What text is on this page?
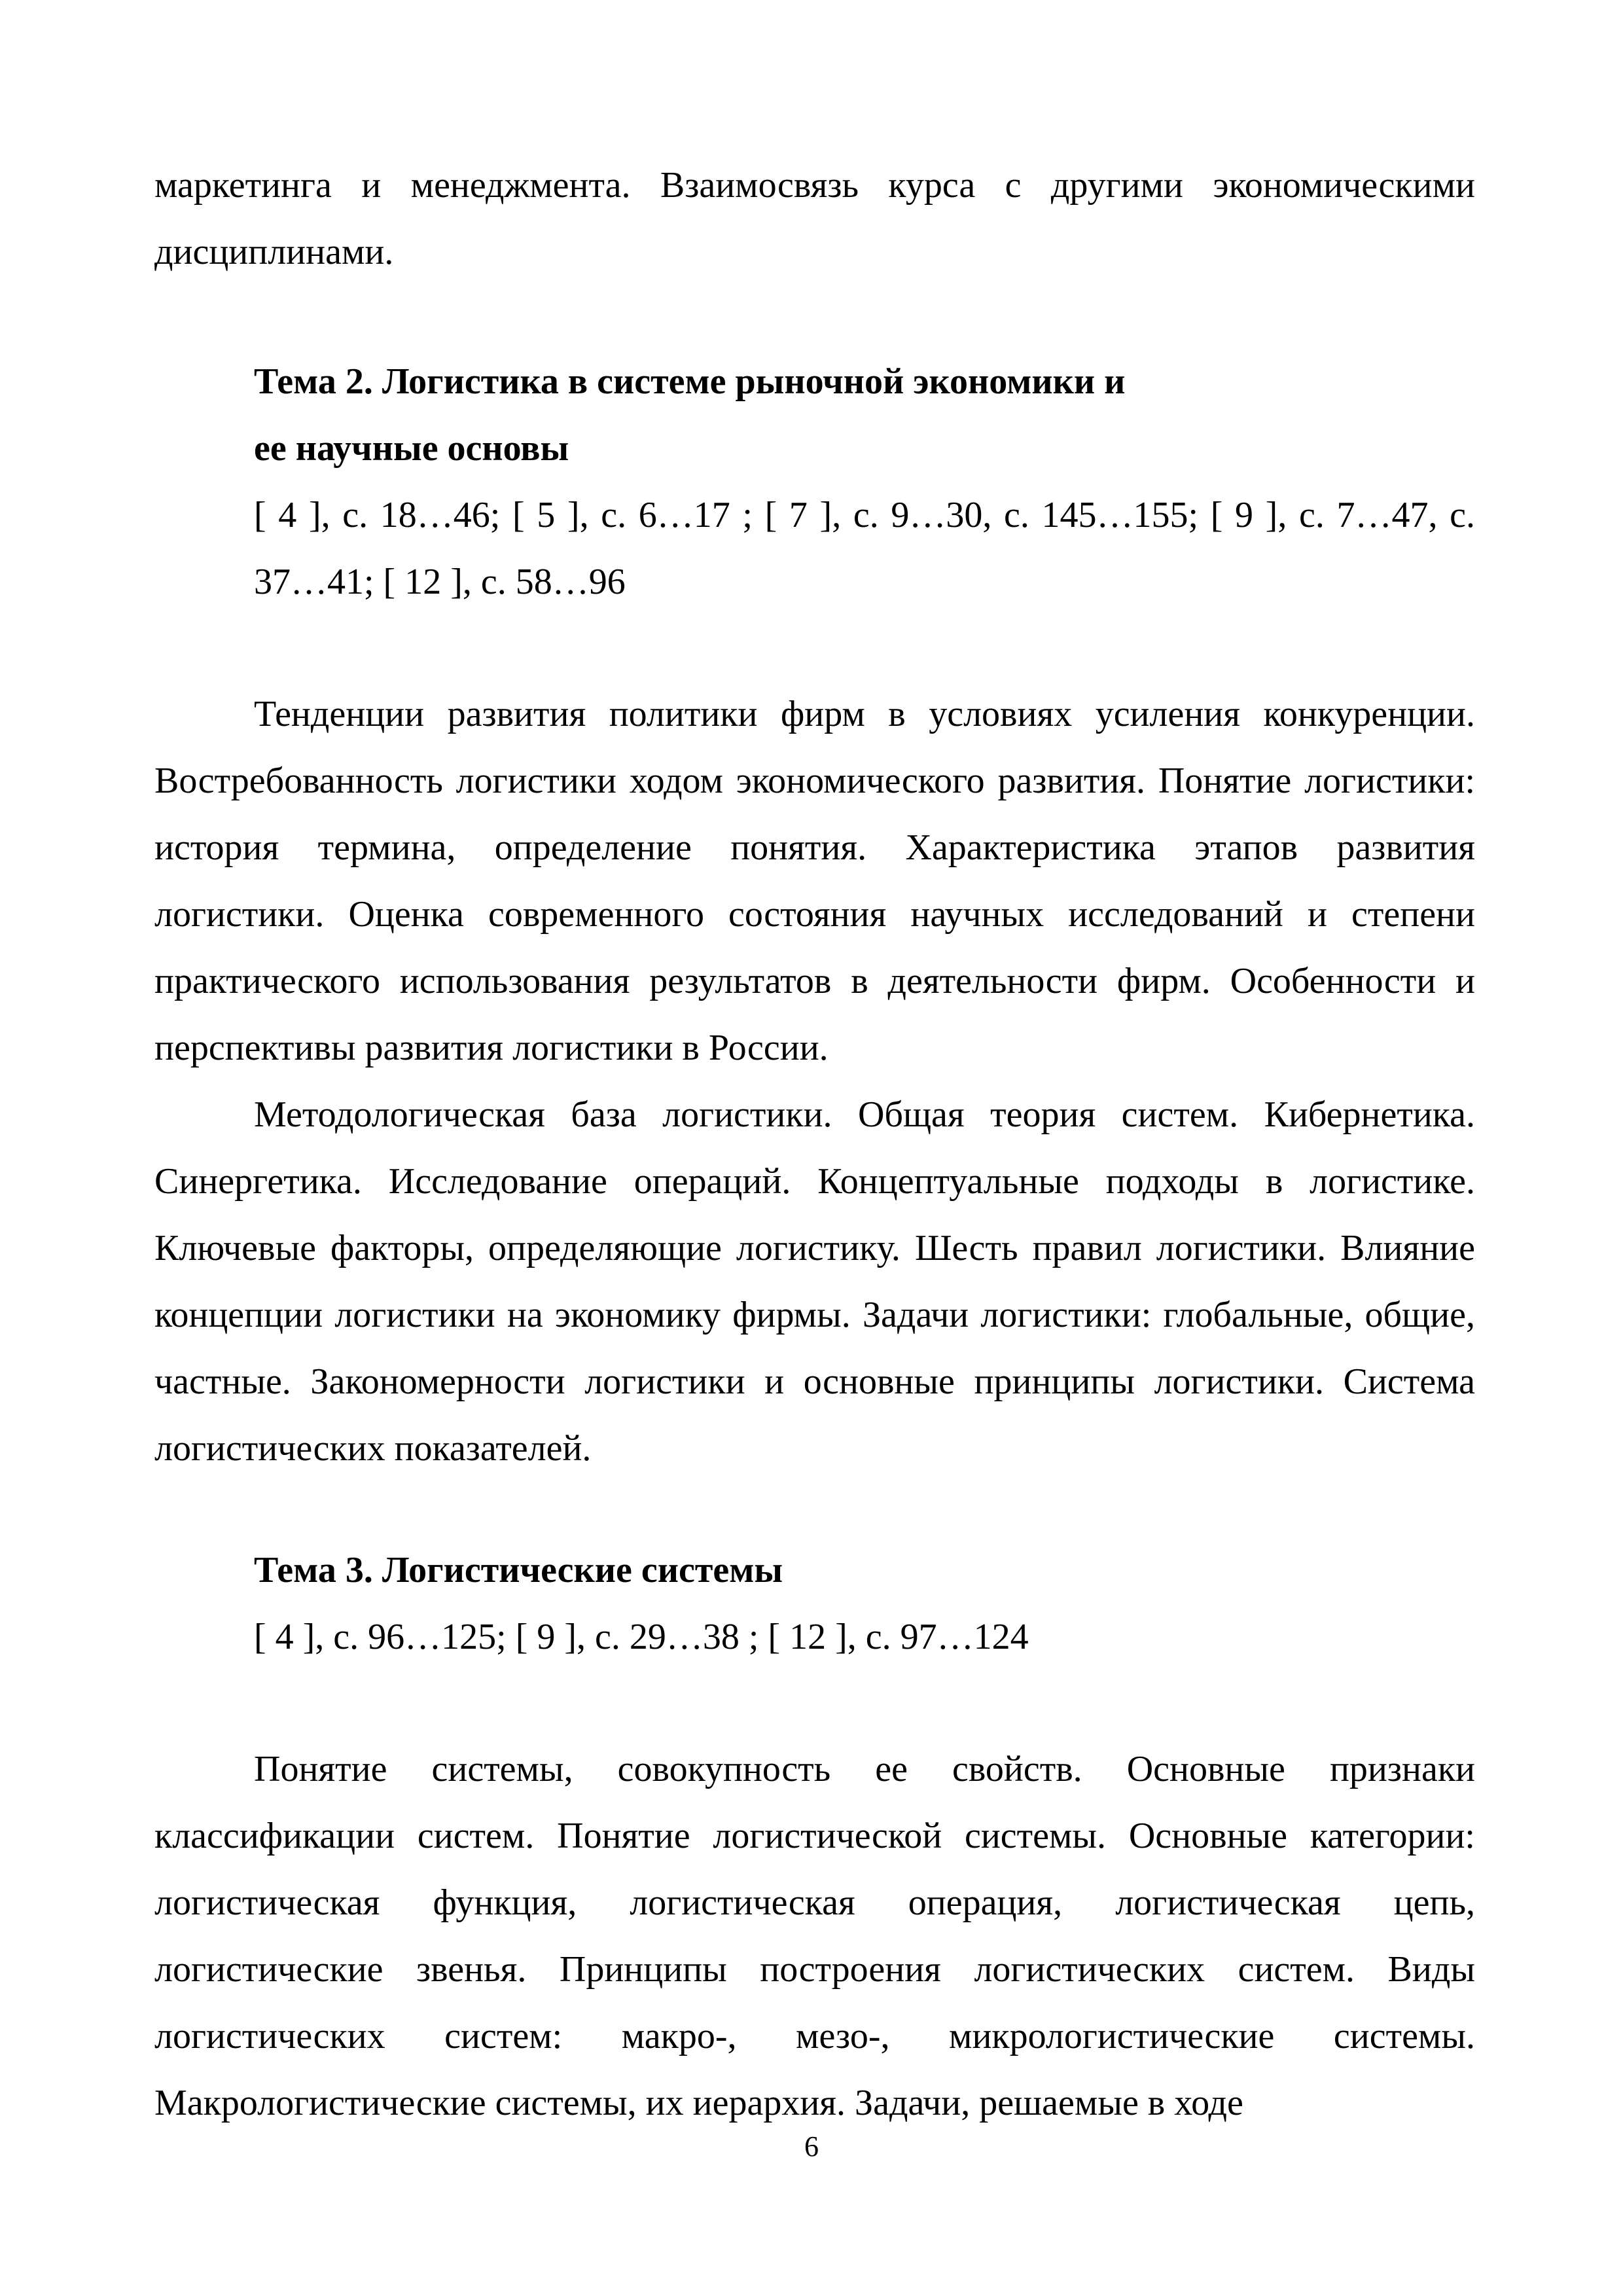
маркетинга и менеджмента. Взаимосвязь курса с другими экономическими дисциплинами.

Тема 2. Логистика в системе рыночной экономики и

ее научные основы

[ 4 ], с. 18…46; [ 5 ], с. 6…17 ; [ 7 ], с. 9…30, с. 145…155; [ 9 ], с. 7…47, с. 37…41; [ 12 ], с. 58…96

Тенденции развития политики фирм в условиях усиления конкуренции. Востребованность логистики ходом экономического развития. Понятие логистики: история термина, определение понятия. Характеристика этапов развития логистики. Оценка современного состояния научных исследований и степени практического использования результатов в деятельности фирм. Особенности и перспективы развития логистики в России.

Методологическая база логистики. Общая теория систем. Кибернетика. Синергетика. Исследование операций. Концептуальные подходы в логистике. Ключевые факторы, определяющие логистику. Шесть правил логистики. Влияние концепции логистики на экономику фирмы. Задачи логистики: глобальные, общие, частные. Закономерности логистики и основные принципы логистики. Система логистических показателей.

Тема 3. Логистические системы

[ 4 ], с. 96…125; [ 9 ], с. 29…38 ; [ 12 ], с. 97…124

Понятие системы, совокупность ее свойств. Основные признаки классификации систем. Понятие логистической системы. Основные категории: логистическая функция, логистическая операция, логистическая цепь, логистические звенья. Принципы построения логистических систем. Виды логистических систем: макро-, мезо-, микрологистические системы. Макрологистические системы, их иерархия. Задачи, решаемые в ходе

6
